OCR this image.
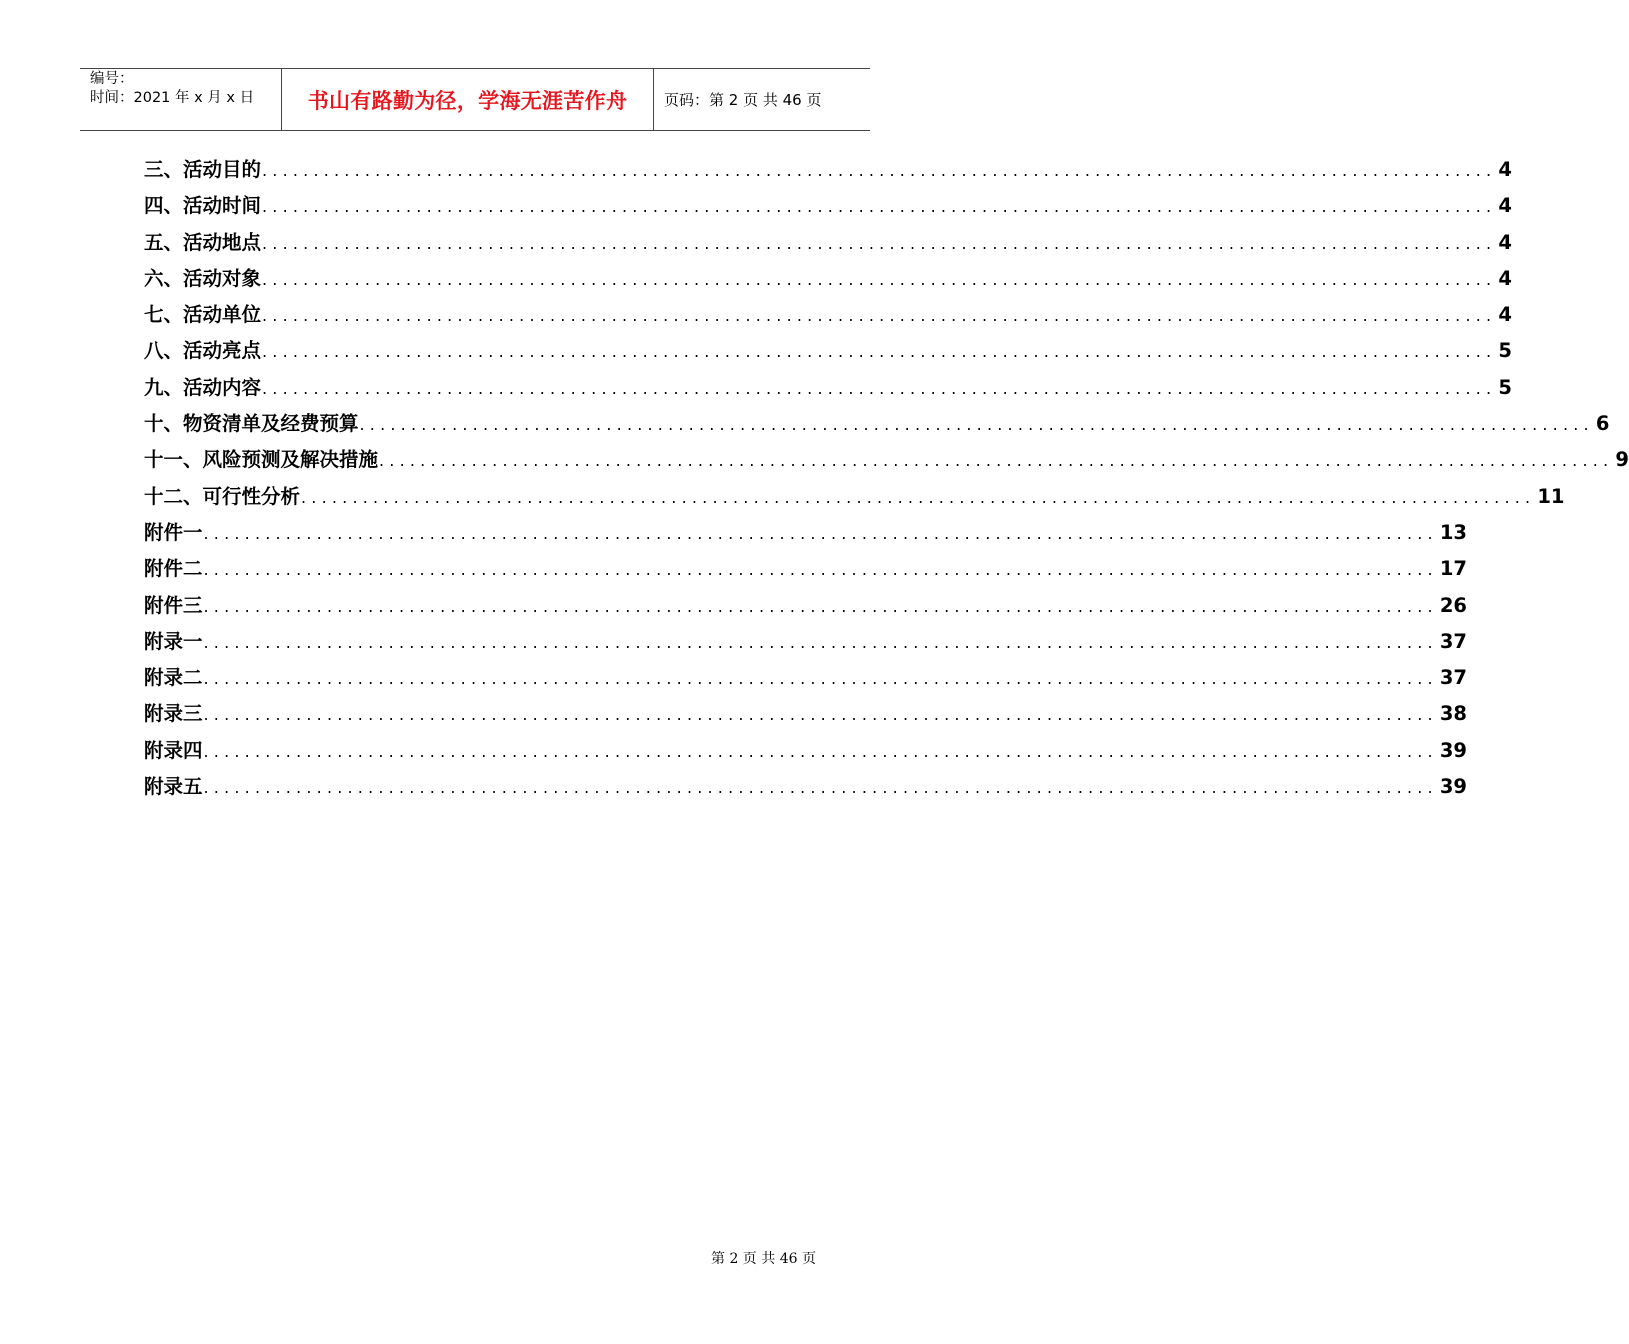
编号：
时间：2021 年 x 月 x 日	书山有路勤为径，学海无涯苦作舟 页码：第 2 页 共 46 页
三、活动目的 ........................................................................................................................ 4
四、活动时间 ........................................................................................................................ 4
五、活动地点 ........................................................................................................................ 4
六、活动对象 ........................................................................................................................ 4
七、活动单位 ........................................................................................................................ 4
八、活动亮点 ........................................................................................................................ 5
九、活动内容 ........................................................................................................................ 5
十、物资清单及经费预算 ........................................................................................................................ 6
十一、风险预测及解决措施 ........................................................................................................................ 9
十二、可行性分析 ........................................................................................................................ 11
附件一 ........................................................................................................................ 13
附件二 ........................................................................................................................ 17
附件三 ........................................................................................................................ 26
附录一 ........................................................................................................................ 37
附录二 ........................................................................................................................ 37
附录三 ........................................................................................................................ 38
附录四 ........................................................................................................................ 39
附录五 ........................................................................................................................ 39
第 2 页 共 46 页
